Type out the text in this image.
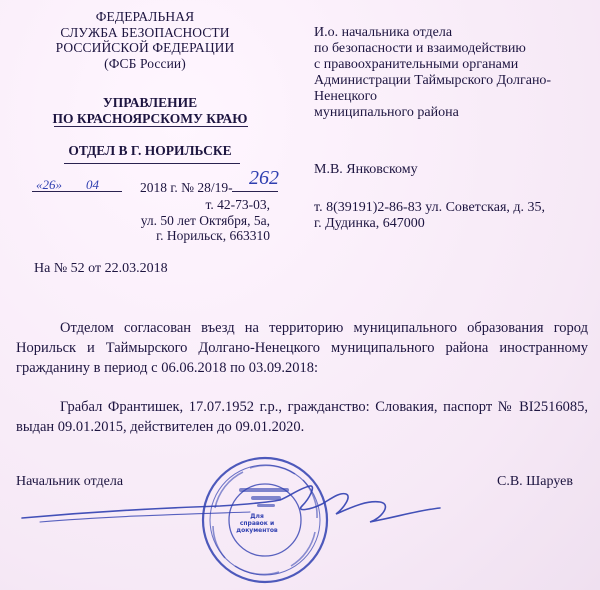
ФЕДЕРАЛЬНАЯ
СЛУЖБА БЕЗОПАСНОСТИ
РОССИЙСКОЙ ФЕДЕРАЦИИ
(ФСБ России)
УПРАВЛЕНИЕ
ПО КРАСНОЯРСКОМУ КРАЮ
ОТДЕЛ В Г. НОРИЛЬСКЕ
«26» 04	2018 г. № 28/19- 262
т. 42-73-03,
ул. 50 лет Октября, 5а,
г. Норильск, 663310
И.о. начальника отдела
по безопасности и взаимодействию
с правоохранительными органами
Администрации Таймырского Долгано-
Ненецкого
муниципального района
М.В. Янковскому
т. 8(39191)2-86-83 ул. Советская, д. 35,
г. Дудинка, 647000
На № 52 от 22.03.2018
Отделом согласован въезд на территорию муниципального образования город Норильск и Таймырского Долгано-Ненецкого муниципального района иностранному гражданину в период с 06.06.2018 по 03.09.2018:
Грабал Франтишек, 17.07.1952 г.р., гражданство: Словакия, паспорт № BI2516085, выдан 09.01.2015, действителен до 09.01.2020.
Начальник отдела	С.В. Шаруев
Для
справок и
документов
